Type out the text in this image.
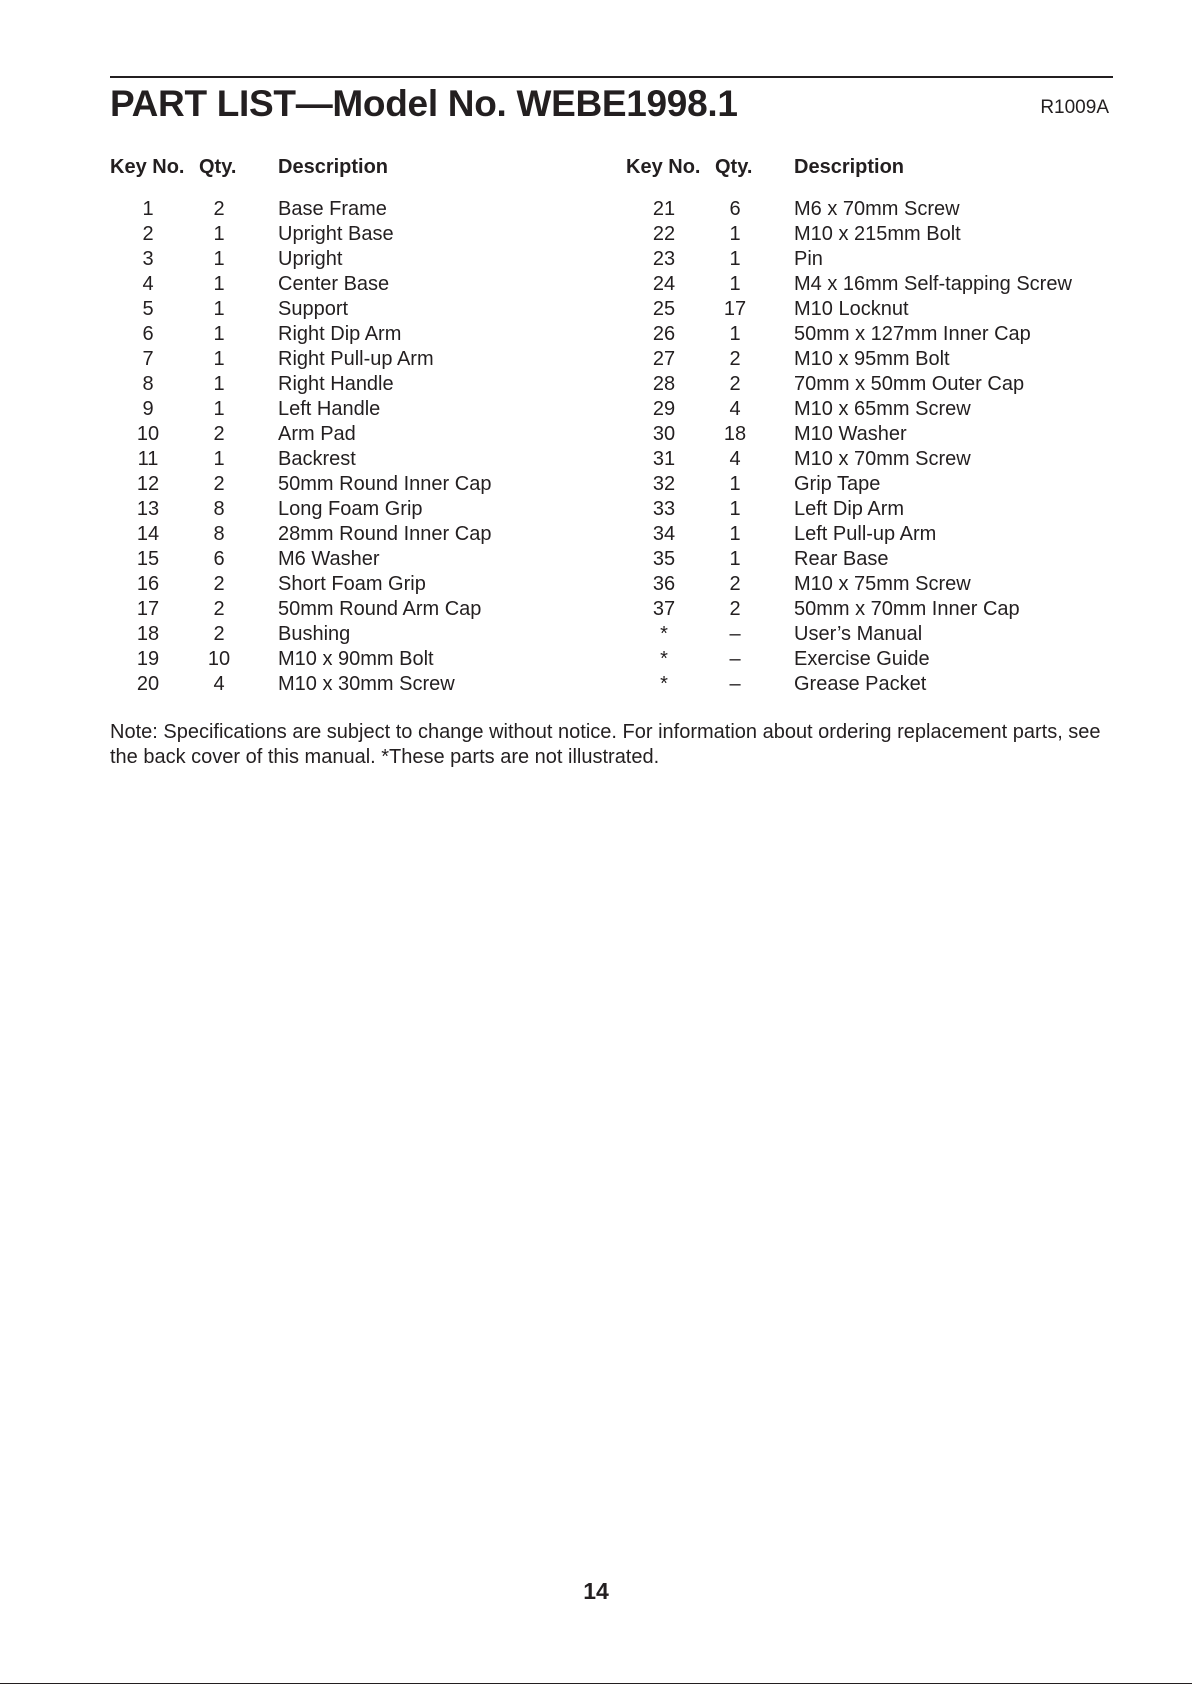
PART LIST—Model No. WEBE1998.1	R1009A
Key No. Qty. Description
1	2	Base Frame
2	1	Upright Base
3	1	Upright
4	1	Center Base
5	1	Support
6	1	Right Dip Arm
7	1	Right Pull-up Arm
8	1	Right Handle
9	1	Left Handle
10	2	Arm Pad
11	1	Backrest
12	2	50mm Round Inner Cap
13	8	Long Foam Grip
14	8	28mm Round Inner Cap
15	6	M6 Washer
16	2	Short Foam Grip
17	2	50mm Round Arm Cap
18	2	Bushing
19	10	M10 x 90mm Bolt
20	4	M10 x 30mm Screw
Key No. Qty. Description
21	6	M6 x 70mm Screw
22	1	M10 x 215mm Bolt
23	1	Pin
24	1	M4 x 16mm Self-tapping Screw
25	17	M10 Locknut
26	1	50mm x 127mm Inner Cap
27	2	M10 x 95mm Bolt
28	2	70mm x 50mm Outer Cap
29	4	M10 x 65mm Screw
30	18	M10 Washer
31	4	M10 x 70mm Screw
32	1	Grip Tape
33	1	Left Dip Arm
34	1	Left Pull-up Arm
35	1	Rear Base
36	2	M10 x 75mm Screw
37	2	50mm x 70mm Inner Cap
*	–	User’s Manual
*	–	Exercise Guide
*	–	Grease Packet

Note: Specifications are subject to change without notice. For information about ordering replacement parts, see the back cover of this manual. *These parts are not illustrated.

14
